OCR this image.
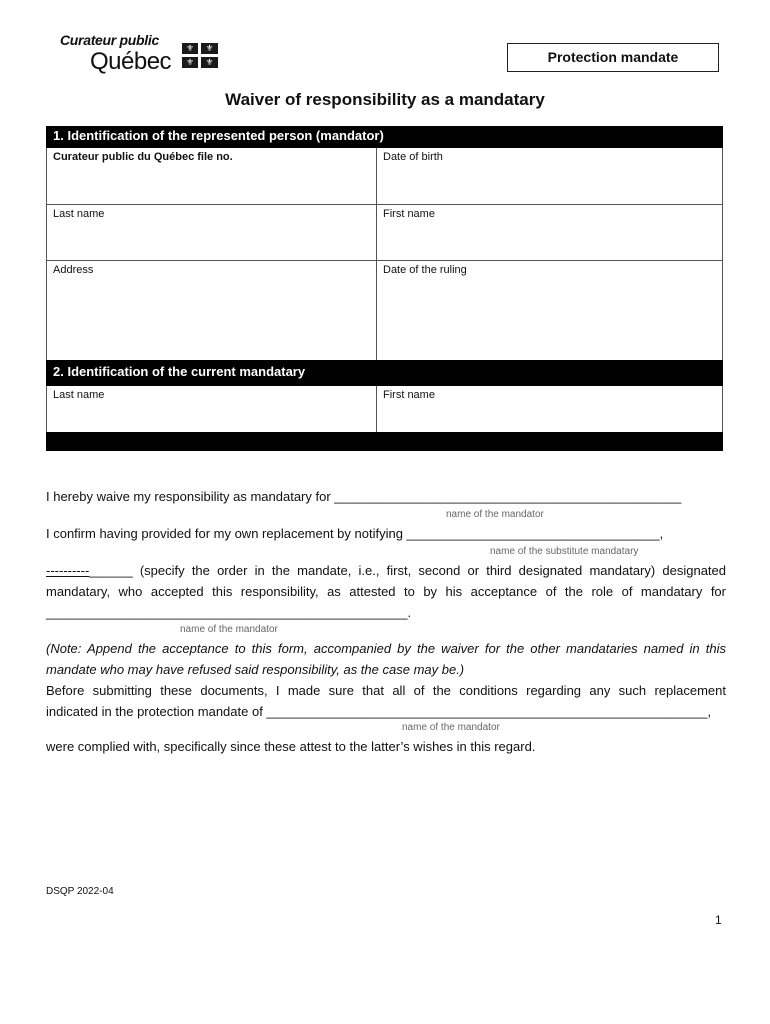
Curateur public
Québec	⚜	⚜
⚜	⚜	Protection mandate
Waiver of responsibility as a mandatary
1. Identification of the represented person (mandator)
Curateur public du Québec file no.	Date of birth
Last name	First name
Address	Date of the ruling
2. Identification of the current mandatary
Last name	First name
I hereby waive my responsibility as mandatary for ________________________________________________
name of the mandator
I confirm having provided for my own replacement by notifying ___________________________________,
name of the substitute mandatary
----------______ (specify the order in the mandate, i.e., first, second or third designated mandatary) designated
mandatary, who accepted this responsibility, as attested to by his acceptance of the role of mandatary for
__________________________________________________.
name of the mandator
(Note: Append the acceptance to this form, accompanied by the waiver for the other mandataries named in this
mandate who may have refused said responsibility, as the case may be.)
Before submitting these documents, I made sure that all of the conditions regarding any such replacement
indicated in the protection mandate of _____________________________________________________________,
name of the mandator
were complied with, specifically since these attest to the latter’s wishes in this regard.
DSQP 2022-04
1
